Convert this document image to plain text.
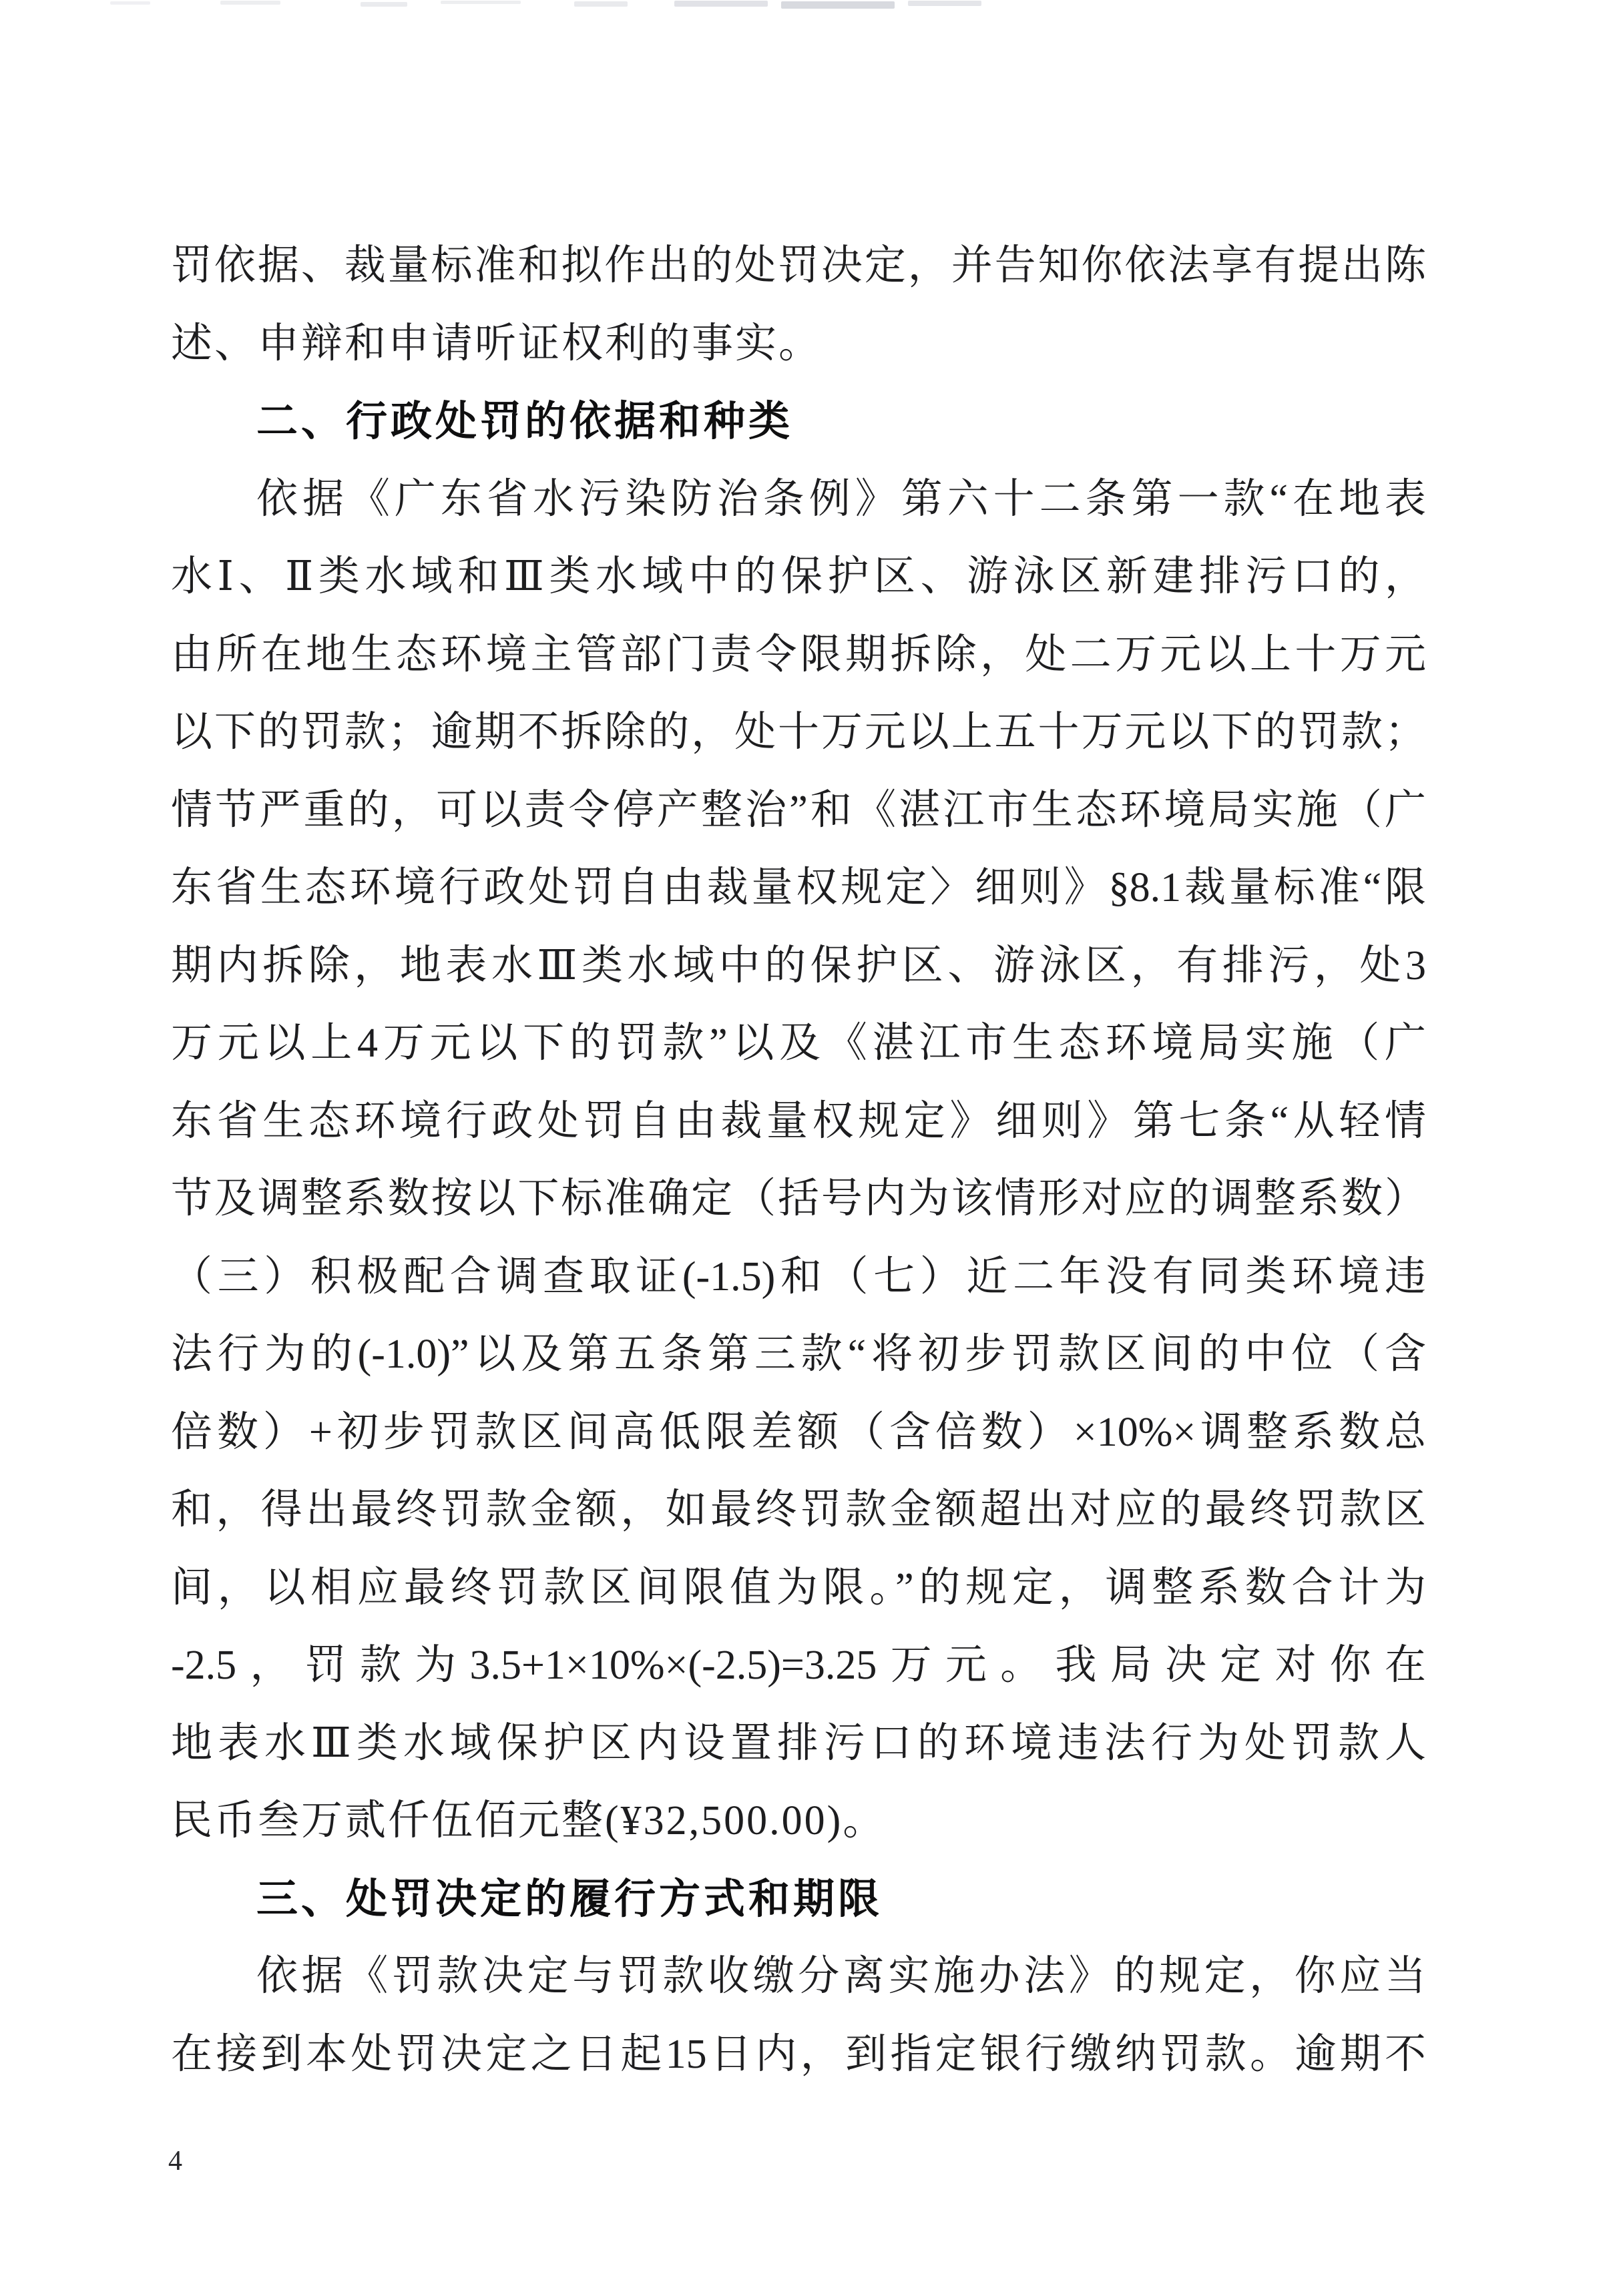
罚依据、裁量标准和拟作出的处罚决定，并告知你依法享有提出陈
述、申辩和申请听证权利的事实。
二、行政处罚的依据和种类
依据《广东省水污染防治条例》第六十二条第一款“在地表
水Ⅰ、Ⅱ类水域和Ⅲ类水域中的保护区、游泳区新建排污口的，
由所在地生态环境主管部门责令限期拆除，处二万元以上十万元
以下的罚款；逾期不拆除的，处十万元以上五十万元以下的罚款；
情节严重的，可以责令停产整治”和《湛江市生态环境局实施（广
东省生态环境行政处罚自由裁量权规定〉细则》§8.1裁量标准“限
期内拆除，地表水Ⅲ类水域中的保护区、游泳区，有排污，处3
万元以上4万元以下的罚款”以及《湛江市生态环境局实施（广
东省生态环境行政处罚自由裁量权规定》细则》第七条“从轻情
节及调整系数按以下标准确定（括号内为该情形对应的调整系数）
（三）积极配合调查取证(-1.5)和（七）近二年没有同类环境违
法行为的(-1.0)”以及第五条第三款“将初步罚款区间的中位（含
倍数）+初步罚款区间高低限差额（含倍数）×10%×调整系数总
和，得出最终罚款金额，如最终罚款金额超出对应的最终罚款区
间，以相应最终罚款区间限值为限。”的规定，调整系数合计为
-2.5，罚款为3.5+1×10%×(-2.5)=3.25万元。我局决定对你在
地表水Ⅲ类水域保护区内设置排污口的环境违法行为处罚款人
民币叁万贰仟伍佰元整(¥32,500.00)。
三、处罚决定的履行方式和期限
依据《罚款决定与罚款收缴分离实施办法》的规定，你应当
在接到本处罚决定之日起15日内，到指定银行缴纳罚款。逾期不
4
